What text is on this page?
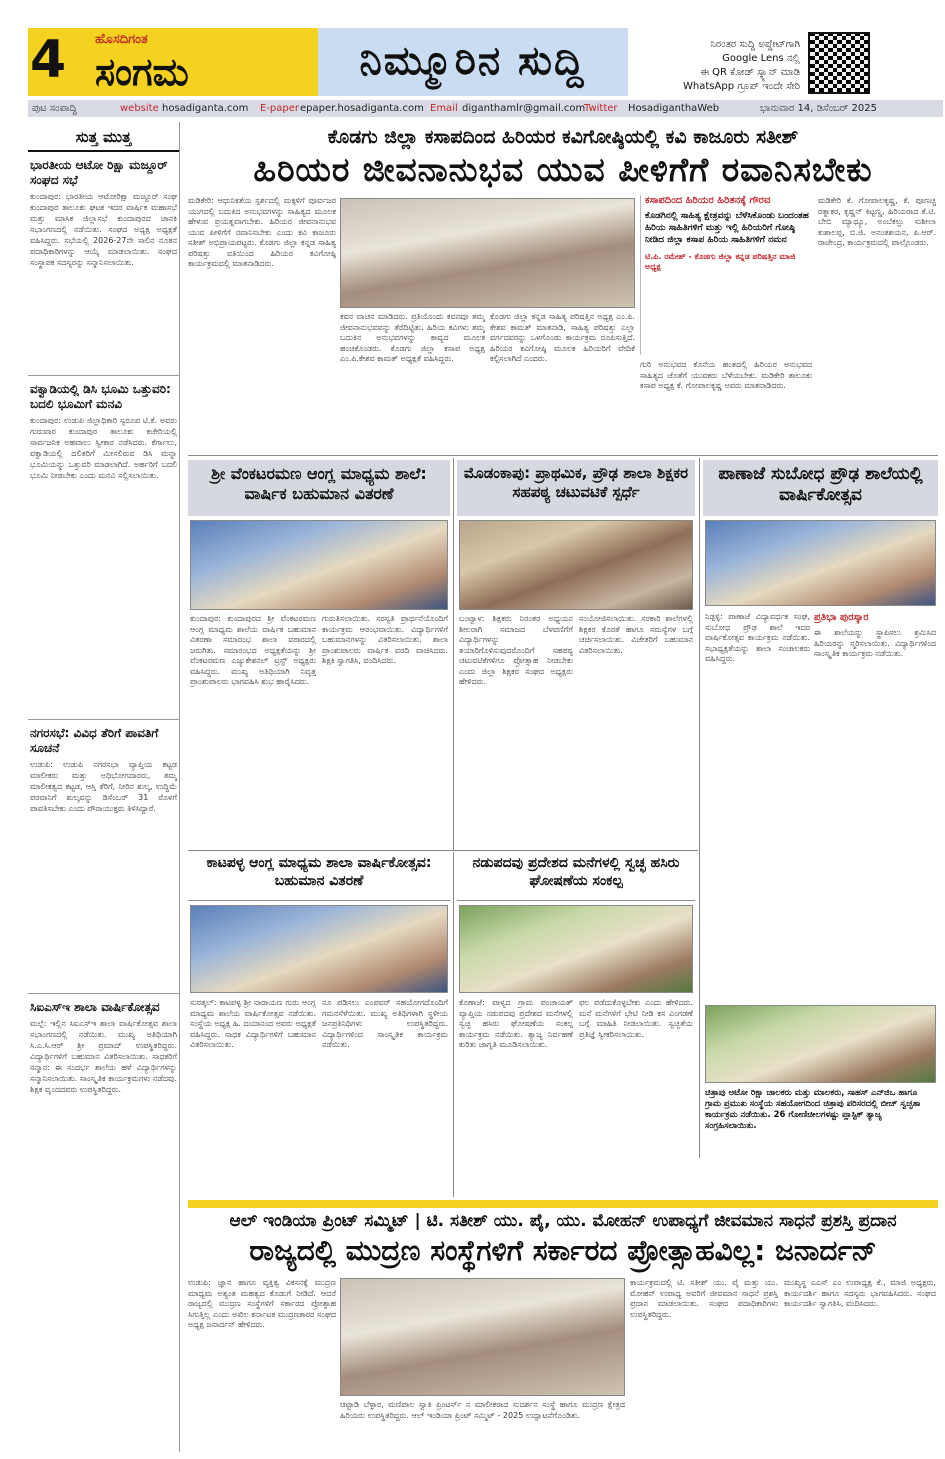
4 ಹೊಸದಿಗಂತ
ಸಂಗಮ	ನಿಮ್ಮೂರಿನ ಸುದ್ದಿ	ನಿರಂತರ ಸುದ್ದಿ ಅಪ್ಡೇಟ್‌ಗಾಗಿ
Google Lens ನಲ್ಲಿ
ಈ QR ಕೋಡ್ ಸ್ಕ್ಯಾನ್ ಮಾಡಿ
WhatsApp ಗ್ರೂಪ್ ಇಂದೇ ಸೇರಿ
ಪುಟ ಸಂಪಾದ್ಧಿ	website hosadiganta.com E-paper epaper.hosadiganta.com Email diganthamlr@gmail.com
Twitter HosadiganthaWeb	ಭಾನುವಾರ 14, ಡಿಸೆಂಬರ್ 2025
ಸುತ್ತ ಮುತ್ತ
ಭಾರತೀಯ ಆಟೋ ರಿಕ್ಷಾ ಮಜ್ದೂರ್ ಸಂಘದ ಸಭೆ
ಕುಂದಾಪುರ: ಭಾರತೀಯ ಆಟೋರಿಕ್ಷಾ ಮಜ್ದೂರ್ ಸಂಘ ಕುಂದಾಪುರ ತಾಲೂಕು ಘಟಕ ಇದರ ವಾರ್ಷಿಕ ಮಹಾಸಭೆ ಮತ್ತು ಮಾಸಿಕ ಜಿಲ್ಲಾಸಭೆ ಕುಂದಾಪುರದ ಜಾನಕಿ ಸಭಾಂಗಣದಲ್ಲಿ ನಡೆಯಿತು. ಸಂಘದ ಅಧ್ಯಕ್ಷ ಅಧ್ಯಕ್ಷತೆ ವಹಿಸಿದ್ದರು. ಸಭೆಯಲ್ಲಿ 2026-27ನೇ ಸಾಲಿನ ನೂತನ ಪದಾಧಿಕಾರಿಗಳನ್ನು ಆಯ್ಕೆ ಮಾಡಲಾಯಿತು. ಸಂಘದ ಸಂಸ್ಥಾಪಕ ಸದಸ್ಯರನ್ನು ಸನ್ಮಾನಿಸಲಾಯಿತು.
ವಕ್ವಾಡಿಯಲ್ಲಿ ಡಿಸಿ ಭೂಮಿ ಒತ್ತುವರಿ: ಬದಲಿ ಭೂಮಿಗೆ ಮನವಿ
ಕುಂದಾಪುರ: ಉಡುಪಿ ಜಿಲ್ಲಾಧಿಕಾರಿ ಸ್ವರೂಪ ಟಿ.ಕೆ. ಅವರು ಗುರುವಾರ ಕುಂದಾಪುರ ತಾಲೂಕು ಕಚೇರಿಯಲ್ಲಿ ಸಾರ್ವಜನಿಕ ಅಹವಾಲು ಸ್ವೀಕಾರ ನಡೆಸಿದರು. ಕೆರ್ಗಾಲು, ವಕ್ವಾಡಿಯಲ್ಲಿ ದಲಿತರಿಗೆ ಮೀಸಲಿರುವ ಡಿಸಿ ಮನ್ನಾ ಭೂಮಿಯನ್ನು ಒತ್ತುವರಿ ಮಾಡಲಾಗಿದೆ. ಅರ್ಹರಿಗೆ ಬದಲಿ ಭೂಮಿ ನೀಡಬೇಕು ಎಂದು ಮನವಿ ಸಲ್ಲಿಸಲಾಯಿತು.
ನಗರಸಭೆ: ವಿವಿಧ ತೆರಿಗೆ ಪಾವತಿಗೆ ಸೂಚನೆ
ಉಡುಪಿ: ಉಡುಪಿ ನಗರಸಭಾ ವ್ಯಾಪ್ತಿಯ ಕಟ್ಟಡ ಮಾಲೀಕರು ಮತ್ತು ಅಧಿಭೋಗದಾರರು, ತಮ್ಮ ಮಾಲೀಕತ್ವದ ಕಟ್ಟಡ, ಆಸ್ತಿ ತೆರಿಗೆ, ನೀರಿನ ಶುಲ್ಕ, ಉದ್ದಿಮೆ ಪರವಾನಿಗೆ ಶುಲ್ಕವನ್ನು ಡಿಸೆಂಬರ್ 31 ರೊಳಗೆ ಪಾವತಿಸಬೇಕು ಎಂದು ಪೌರಾಯುಕ್ತರು ತಿಳಿಸಿದ್ದಾರೆ.
ಸಿಐಎಸ್‌ಇ ಶಾಲಾ ವಾರ್ಷಿಕೋತ್ಸವ
ಮಲ್ಪೆ: ಇಲ್ಲಿನ ಸಿಐಎಸ್‌ಇ ಶಾಲಾ ವಾರ್ಷಿಕೋತ್ಸವ ಶಾಲಾ ಸಭಾಂಗಣದಲ್ಲಿ ನಡೆಯಿತು. ಮುಖ್ಯ ಅತಿಥಿಯಾಗಿ ಸಿ.ಎ.ಸಿ.ಆರ್ ಶ್ರೀ ಪ್ರಮಾದ್ ಉಪಸ್ಥಿತರಿದ್ದರು. ವಿದ್ಯಾರ್ಥಿಗಳಿಗೆ ಬಹುಮಾನ ವಿತರಿಸಲಾಯಿತು. ಸಾಧಕರಿಗೆ ಸನ್ಮಾನ: ಈ ಸಂದರ್ಭ ಶಾಲೆಯ ಹಳೆ ವಿದ್ಯಾರ್ಥಿಗಳನ್ನು ಸನ್ಮಾನಿಸಲಾಯಿತು. ಸಾಂಸ್ಕೃತಿಕ ಕಾರ್ಯಕ್ರಮಗಳು ನಡೆದವು. ಶಿಕ್ಷಕ ವೃಂದದವರು ಉಪಸ್ಥಿತರಿದ್ದರು.
ಕೊಡಗು ಜಿಲ್ಲಾ ಕಸಾಪದಿಂದ ಹಿರಿಯರ ಕವಿಗೋಷ್ಠಿಯಲ್ಲಿ ಕವಿ ಕಾಜೂರು ಸತೀಶ್
ಹಿರಿಯರ ಜೀವನಾನುಭವ ಯುವ ಪೀಳಿಗೆಗೆ ರವಾನಿಸಬೇಕು
ಮಡಿಕೇರಿ: ಆಧುನಿಕತೆಯ ಸ್ಪರ್ಶದಲ್ಲಿ ಮಕ್ಕಳಿಗೆ ಪೂರ್ವಜರ ಯುಗದಲ್ಲಿ ಬದುಕಿದ ಅನುಭವಗಳನ್ನು ಸಾಹಿತ್ಯದ ಮೂಲಕ ಹೇಳುವ ಪ್ರಯತ್ನವಾಗಬೇಕು. ಹಿರಿಯರ ಜೀವನಾನುಭವ ಯುವ ಪೀಳಿಗೆಗೆ ರವಾನಿಸಬೇಕು ಎಂದು ಕವಿ ಕಾಜೂರು ಸತೀಶ್ ಅಭಿಪ್ರಾಯಪಟ್ಟರು. ಕೊಡಗು ಜಿಲ್ಲಾ ಕನ್ನಡ ಸಾಹಿತ್ಯ ಪರಿಷತ್ತು ವತಿಯಿಂದ ಹಿರಿಯರ ಕವಿಗೋಷ್ಠಿ ಕಾರ್ಯಕ್ರಮದಲ್ಲಿ ಮಾತನಾಡಿದರು.
ಕವನ ವಾಚನ ಮಾಡಿದರು. ಪ್ರತಿಯೊಂದು ಕವನವೂ ತಮ್ಮ ಜೀವನಾನುಭವವನ್ನು ತೆರೆದಿಟ್ಟಿತು. ಹಿರಿಯ ಕವಿಗಳು ತಮ್ಮ ಬದುಕಿನ ಅನುಭವಗಳನ್ನು ಕಾವ್ಯದ ಮೂಲಕ ಹಂಚಿಕೊಂಡರು. ಕೊಡಗು ಜಿಲ್ಲಾ ಕಸಾಪ ಅಧ್ಯಕ್ಷ ಎಂ.ಪಿ.ಕೇಶವ ಕಾಮತ್ ಅಧ್ಯಕ್ಷತೆ ವಹಿಸಿದ್ದರು.
ಕೊಡಗು ಜಿಲ್ಲಾ ಕನ್ನಡ ಸಾಹಿತ್ಯ ಪರಿಷತ್ತಿನ ಅಧ್ಯಕ್ಷ ಎಂ.ಪಿ. ಕೇಶವ ಕಾಮತ್ ಮಾತನಾಡಿ, ಸಾಹಿತ್ಯ ಪರಿಷತ್ತು ಎಲ್ಲಾ ವರ್ಗದವರನ್ನು ಒಳಗೊಂಡು ಕಾರ್ಯಕ್ರಮ ರೂಪಿಸುತ್ತಿದೆ. ಹಿರಿಯರ ಕವಿಗೋಷ್ಠಿ ಮೂಲಕ ಹಿರಿಯರಿಗೆ ವೇದಿಕೆ ಕಲ್ಪಿಸಲಾಗಿದೆ ಎಂದರು.
ಕಸಾಪದಿಂದ ಹಿರಿಯರ ಹಿರಿತನಕ್ಕೆ ಗೌರವ
ಕೊಡಗಿನಲ್ಲಿ ಸಾಹಿತ್ಯ ಕ್ಷೇತ್ರವನ್ನು ಬೆಳೆಸಿಕೊಂಡು ಬಂದಂತಹ ಹಿರಿಯ ಸಾಹಿತಿಗಳಿಗೆ ಮತ್ತು ಇಲ್ಲಿ ಹಿರಿಯರಿಗೆ ಗೋಷ್ಠಿ ನೀಡಿದ ಜಿಲ್ಲಾ ಕಸಾಪ ಹಿರಿಯ ಸಾಹಿತಿಗಳಿಗೆ ನಮನ
ಟಿ.ಪಿ. ರಮೇಶ್ - ಕೊಡಗು ಜಿಲ್ಲಾ ಕನ್ನಡ ಪರಿಷತ್ತಿನ ಮಾಜಿ ಅಧ್ಯಕ್ಷ
ಗುರಿ ಅನುಭವದ ಕೊನೆಯ ಹಂತದಲ್ಲಿ ಹಿರಿಯರ ಅನುಭವದ ಸಾಹಿತ್ಯದ ಜೊತೆಗೆ ಯುವಕರು ಬೆಳೆಯಬೇಕು. ಮಡಿಕೇರಿ ತಾಲೂಕು ಕಸಾಪ ಅಧ್ಯಕ್ಷ ಕೆ. ಗೋಪಾಲಕೃಷ್ಣ ಅವರು ಮಾತನಾಡಿದರು.
ಮಡಿಕೇರಿ ಕೆ. ಗೋಪಾಲಕೃಷ್ಣ, ಕೆ. ಪೂಣಚ್ಚ ರತ್ನಾಕರ, ಕೃಷ್ಣನ್ ಕಿಟ್ಟಣ್ಣ, ಹಿರಿಯರಾದ ಕೆ.ಟಿ. ಬೇಬಿ ಮ್ಯಾಥ್ಯೂ, ಅಂಬೆಕಲ್ಲು ಸುಶೀಲಾ ಕುಶಾಲಪ್ಪ, ಬಿ.ಜಿ. ಅನಂತಶಯನ, ಪಿ.ಆರ್. ರಾಜೇಂದ್ರ, ಕಾರ್ಯಕ್ರಮದಲ್ಲಿ ಪಾಲ್ಗೊಂಡರು.
ಶ್ರೀ ವೆಂಕಟರಮಣ ಆಂಗ್ಲ ಮಾಧ್ಯಮ ಶಾಲೆ: ವಾರ್ಷಿಕ ಬಹುಮಾನ ವಿತರಣೆ
ಕುಂದಾಪುರ: ಕುಂದಾಪುರದ ಶ್ರೀ ವೆಂಕಟರಮಣ ಆಂಗ್ಲ ಮಾಧ್ಯಮ ಶಾಲೆಯ ವಾರ್ಷಿಕ ಬಹುಮಾನ ವಿತರಣಾ ಸಮಾರಂಭ ಶಾಲಾ ವಠಾರದಲ್ಲಿ ಜರುಗಿತು. ಸಮಾರಂಭದ ಅಧ್ಯಕ್ಷತೆಯನ್ನು ಶ್ರೀ ವೆಂಕಟರಮಣ ಎಜ್ಯುಕೇಶನಲ್ ಟ್ರಸ್ಟ್ ಅಧ್ಯಕ್ಷರು ವಹಿಸಿದ್ದರು. ಮುಖ್ಯ ಅತಿಥಿಯಾಗಿ ನಿವೃತ್ತ ಪ್ರಾಂಶುಪಾಲರು ಭಾಗವಹಿಸಿ ಶುಭ ಹಾರೈಸಿದರು.
ಗುರುತಿಸಲಾಯಿತು. ಸರಸ್ವತಿ ಪ್ರಾರ್ಥನೆಯೊಂದಿಗೆ ಕಾರ್ಯಕ್ರಮ ಆರಂಭವಾಯಿತು. ವಿದ್ಯಾರ್ಥಿಗಳಿಗೆ ಬಹುಮಾನಗಳನ್ನು ವಿತರಿಸಲಾಯಿತು. ಶಾಲಾ ಪ್ರಾಂಶುಪಾಲರು ವಾರ್ಷಿಕ ವರದಿ ವಾಚಿಸಿದರು. ಶಿಕ್ಷಕಿ ಸ್ವಾಗತಿಸಿ, ವಂದಿಸಿದರು.
ಮೊಡಂಕಾಪು: ಪ್ರಾಥಮಿಕ, ಪ್ರೌಢ ಶಾಲಾ ಶಿಕ್ಷಕರ ಸಹಪಠ್ಯ ಚಟುವಟಿಕೆ ಸ್ಪರ್ಧೆ
ಬಂಟ್ವಾಳ: ಶಿಕ್ಷಕರು ನಿರಂತರ ಅಧ್ಯಯನ ಶೀಲರಾಗಿ ಸಮಾಜದ ಬೆಳವಣಿಗೆಗೆ ವಿದ್ಯಾರ್ಥಿಗಳನ್ನು ತಯಾರಿಗೊಳಿಸುವುದರೊಂದಿಗೆ ಸಹಪಠ್ಯ ಚಟುವಟಿಕೆಗಳಿಗೂ ಪ್ರೋತ್ಸಾಹ ನೀಡಬೇಕು ಎಂದು ಜಿಲ್ಲಾ ಶಿಕ್ಷಕರ ಸಂಘದ ಅಧ್ಯಕ್ಷರು ಹೇಳಿದರು.
ಸಂಯೋಜಿಸಲಾಯಿತು. ಸರಕಾರಿ ಶಾಲೆಗಳಲ್ಲಿ ಶಿಕ್ಷಕರ ಕೊರತೆ ಹಾಗೂ ಸಮಸ್ಯೆಗಳ ಬಗ್ಗೆ ಚರ್ಚಿಸಲಾಯಿತು. ವಿಜೇತರಿಗೆ ಬಹುಮಾನ ವಿತರಿಸಲಾಯಿತು.
ಪಾಣಾಜೆ ಸುಬೋಧ ಪ್ರೌಢ ಶಾಲೆಯಲ್ಲಿ ವಾರ್ಷಿಕೋತ್ಸವ
ನಿಡ್ಪಳ್ಳಿ: ಪಾಣಾಜೆ ವಿದ್ಯಾವರ್ಧಕ ಸಂಘ, ಸುಬೋಧ ಪ್ರೌಢ ಶಾಲೆ ಇದರ ವಾರ್ಷಿಕೋತ್ಸವ ಕಾರ್ಯಕ್ರಮ ನಡೆಯಿತು. ಸಭಾಧ್ಯಕ್ಷತೆಯನ್ನು ಶಾಲಾ ಸಂಚಾಲಕರು ವಹಿಸಿದ್ದರು.
ಪ್ರತಿಭಾ ಪುರಸ್ಕಾರ
ಈ ಶಾಲೆಯನ್ನು ಸ್ಥಾಪಿಸಲು ಶ್ರಮಿಸಿದ ಹಿರಿಯರನ್ನು ಸ್ಮರಿಸಲಾಯಿತು. ವಿದ್ಯಾರ್ಥಿಗಳಿಂದ ಸಾಂಸ್ಕೃತಿಕ ಕಾರ್ಯಕ್ರಮ ನಡೆಯಿತು.
ಕಾಟಪಳ್ಳ ಆಂಗ್ಲ ಮಾಧ್ಯಮ ಶಾಲಾ ವಾರ್ಷಿಕೋತ್ಸವ: ಬಹುಮಾನ ವಿತರಣೆ
ಸುರತ್ಕಲ್: ಕಾಟಪಳ್ಳ ಶ್ರೀ ನಾರಾಯಣ ಗುರು ಆಂಗ್ಲ ಮಾಧ್ಯಮ ಶಾಲೆಯ ವಾರ್ಷಿಕೋತ್ಸವ ನಡೆಯಿತು. ಸಂಸ್ಥೆಯ ಅಧ್ಯಕ್ಷ ಹಿ. ದಯಾನಂದ ಅವರು ಅಧ್ಯಕ್ಷತೆ ವಹಿಸಿದ್ದರು. ಸಾಧಕ ವಿದ್ಯಾರ್ಥಿಗಳಿಗೆ ಬಹುಮಾನ ವಿತರಿಸಲಾಯಿತು.
ನೂ ಪಡಿಸಲು ಎಂಪವರ್ ಸಹಯೋಗದೊಂದಿಗೆ ಗಮನಸೆಳೆಯಿತು. ಮುಖ್ಯ ಅತಿಥಿಗಳಾಗಿ ಸ್ಥಳೀಯ ಜನಪ್ರತಿನಿಧಿಗಳು ಉಪಸ್ಥಿತರಿದ್ದರು. ವಿದ್ಯಾರ್ಥಿಗಳಿಂದ ಸಾಂಸ್ಕೃತಿಕ ಕಾರ್ಯಕ್ರಮ ನಡೆಯಿತು.
ನಡುಪದವು ಪ್ರದೇಶದ ಮನೆಗಳಲ್ಲಿ ಸ್ವಚ್ಛ ಹಸಿರು ಘೋಷಣೆಯ ಸಂಕಲ್ಪ
ಕೊಣಾಜೆ: ಪಾಳ್ಯದ ಗ್ರಾಮ ಪಂಚಾಯತ್ ವ್ಯಾಪ್ತಿಯ ನಡುಪದವು ಪ್ರದೇಶದ ಮನೆಗಳಲ್ಲಿ ಸ್ವಚ್ಛ ಹಸಿರು ಘೋಷಣೆಯ ಸಂಕಲ್ಪ ಕಾರ್ಯಕ್ರಮ ನಡೆಯಿತು. ತ್ಯಾಜ್ಯ ನಿರ್ವಹಣೆ ಕುರಿತು ಜಾಗೃತಿ ಮೂಡಿಸಲಾಯಿತು.
ಫಲ ಪಡೆದುಕೊಳ್ಳಬೇಕು ಎಂದು ಹೇಳಿದರು. ಮನೆ ಮನೆಗಳಿಗೆ ಭೇಟಿ ನೀಡಿ ಕಸ ವಿಂಗಡಣೆ ಬಗ್ಗೆ ಮಾಹಿತಿ ನೀಡಲಾಯಿತು. ಸ್ವಚ್ಛತೆಯ ಪ್ರತಿಜ್ಞೆ ಸ್ವೀಕರಿಸಲಾಯಿತು.
ಚಿತ್ರಾಪು ಆಟೋ ರಿಕ್ಷಾ ಚಾಲಕರು ಮತ್ತು ಮಾಲಕರು, ಸಾಹಸ್ ಎನ್‌ಜಿಒ ಹಾಗೂ ಗ್ರಾಮ ಪ್ರಮುಖ ಸಂಸ್ಥೆಯ ಸಹಯೋಗದಿಂದ ಚಿತ್ರಾಪು ಪರಿಸರದಲ್ಲಿ ಬೀಚ್ ಸ್ವಚ್ಛತಾ ಕಾರ್ಯಕ್ರಮ ನಡೆಯಿತು. 26 ಗೋಣಿಚೀಲಗಳಷ್ಟು ಪ್ಲಾಸ್ಟಿಕ್ ತ್ಯಾಜ್ಯ ಸಂಗ್ರಹಿಸಲಾಯಿತು.
ಆಲ್ ಇಂಡಿಯಾ ಪ್ರಿಂಟ್ ಸಮ್ಮಿಟ್ | ಟಿ. ಸತೀಶ್ ಯು. ಪೈ, ಯು. ಮೋಹನ್ ಉಪಾಧ್ಯಗೆ ಜೀವಮಾನ ಸಾಧನೆ ಪ್ರಶಸ್ತಿ ಪ್ರದಾನ
ರಾಜ್ಯದಲ್ಲಿ ಮುದ್ರಣ ಸಂಸ್ಥೆಗಳಿಗೆ ಸರ್ಕಾರದ ಪ್ರೋತ್ಸಾಹವಿಲ್ಲ: ಜನಾರ್ದನ್
ಉಡುಪಿ: ಜ್ಞಾನ ಹಾಗೂ ವ್ಯಕ್ತಿತ್ವ ವಿಕಸನಕ್ಕೆ ಮುದ್ರಣ ಮಾಧ್ಯಮ ಅತ್ಯಂತ ಮಹತ್ವದ ಕೊಡುಗೆ ನೀಡಿದೆ. ಆದರೆ ರಾಜ್ಯದಲ್ಲಿ ಮುದ್ರಣ ಸಂಸ್ಥೆಗಳಿಗೆ ಸರ್ಕಾರದ ಪ್ರೋತ್ಸಾಹ ಸಿಗುತ್ತಿಲ್ಲ ಎಂದು ಅಖಿಲ ಕರ್ನಾಟಕ ಮುದ್ರಣಕಾರರ ಸಂಘದ ಅಧ್ಯಕ್ಷ ಜನಾರ್ದನ್ ಹೇಳಿದರು.
ಚಿಟ್ಟಾಡಿ ಬೆಳ್ಳಾರ, ಮಣಿಪಾಲ ಸ್ವಾತಿ ಪ್ರಿಂಟರ್ಸ್ ನ ಮಾಲೀಕರಾದ ಸುದರ್ಶನ ಸಂಸ್ಥೆ ಹಾಗೂ ಮುದ್ರಣ ಕ್ಷೇತ್ರದ ಹಿರಿಯರು ಉಪಸ್ಥಿತರಿದ್ದರು. ಆಲ್ ಇಂಡಿಯಾ ಪ್ರಿಂಟ್ ಸಮ್ಮಿಟ್ - 2025 ಉದ್ಘಾಟನೆಗೊಂಡಿತು.
ಕಾರ್ಯಕ್ರಮದಲ್ಲಿ ಟಿ. ಸತೀಶ್ ಯು. ಪೈ ಮತ್ತು ಯು. ಮೋಹನ್ ಉಪಾಧ್ಯ ಅವರಿಗೆ ಜೀವಮಾನ ಸಾಧನೆ ಪ್ರಶಸ್ತಿ ಪ್ರದಾನ ಮಾಡಲಾಯಿತು. ಸಂಘದ ಪದಾಧಿಕಾರಿಗಳು ಉಪಸ್ಥಿತರಿದ್ದರು.
ಮುಖ್ಯಸ್ಥ ಎಎಸ್ ಎಂ ಉಪಾಧ್ಯಕ್ಷ ಕೆ., ಮಾಜಿ ಅಧ್ಯಕ್ಷರು, ಕಾರ್ಯದರ್ಶಿ ಹಾಗೂ ಸದಸ್ಯರು ಭಾಗವಹಿಸಿದರು. ಸಂಘದ ಕಾರ್ಯದರ್ಶಿ ಸ್ವಾಗತಿಸಿ, ವಂದಿಸಿದರು.
